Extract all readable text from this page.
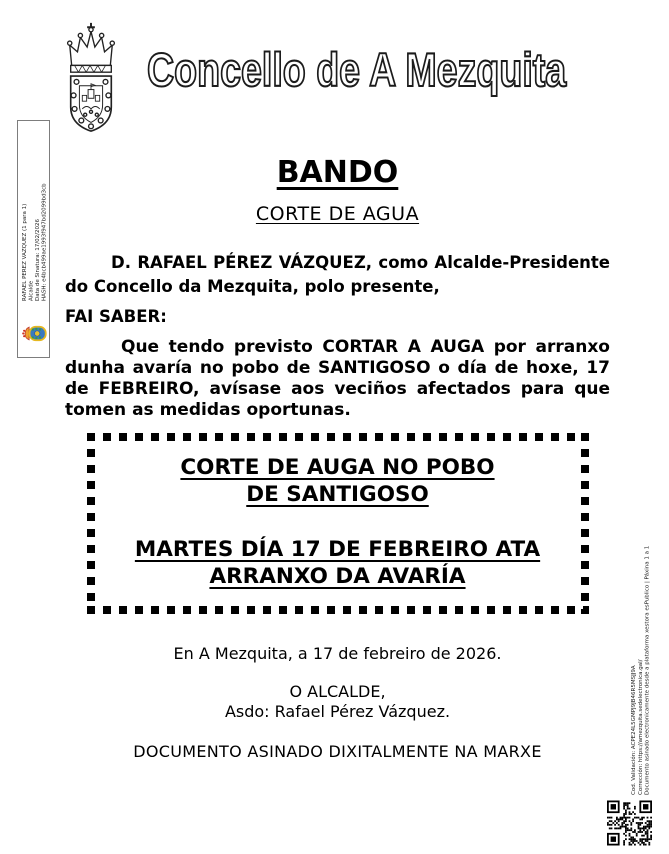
Concello de A Mezquita
RAFAEL PEREZ VAZQUEZ (1 para 1) Alcalde Data de Sinatura: 17/02/2026 HASH: e4bcb499ae1993f947bd2099bd3cb
BANDO
CORTE DE AGUA

D. RAFAEL PÉREZ VÁZQUEZ, como Alcalde-Presidente do Concello da Mezquita, polo presente,

FAI SABER:

Que tendo previsto CORTAR A AUGA por arranxo dunha avaría no pobo de SANTIGOSO o día de hoxe, 17 de FEBREIRO, avísase aos veciños afectados para que tomen as medidas oportunas.

CORTE DE AUGA NO POBO
DE SANTIGOSO
MARTES DÍA 17 DE FEBREIRO ATA
ARRANXO DA AVARÍA

En A Mezquita, a 17 de febreiro de 2026.

O ALCALDE,

Asdo: Rafael Pérez Vázquez.

DOCUMENTO ASINADO DIXITALMENTE NA MARXE	Cod. Validación: ACPE24L5GMPJ9JB46R5MSJJ9A Corrección: https://amezquita.sedelectronica.gal/ Documento asinado electronicamente desde a plataforma xestora esPublico | Páxina 1 a 1
